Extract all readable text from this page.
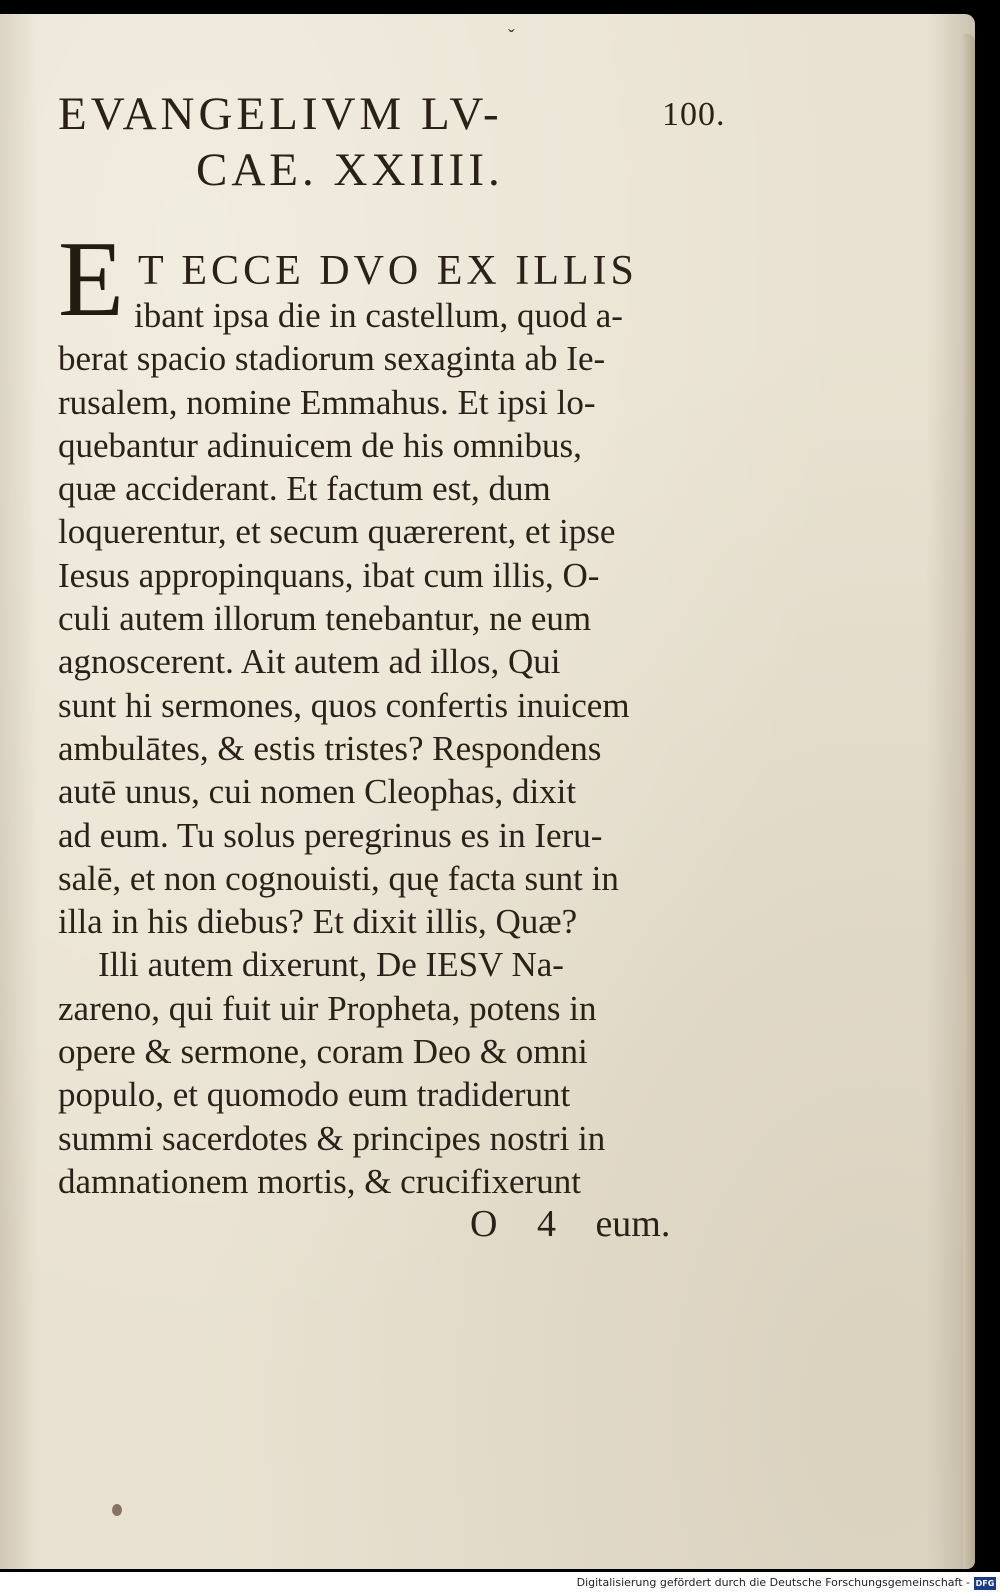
ˇ
EVANGELIVM LV-
CAE. XXIIII.
100.
E T ECCE DVO EX ILLIS
ibant ipsa die in castellum, quod a-
berat spacio stadiorum sexaginta ab Ie-
rusalem, nomine Emmahus. Et ipsi lo-
quebantur adinuicem de his omnibus,
quæ acciderant. Et factum est, dum
loquerentur, et secum quærerent, et ipse
Iesus appropinquans, ibat cum illis, O-
culi autem illorum tenebantur, ne eum
agnoscerent. Ait autem ad illos, Qui
sunt hi sermones, quos confertis inuicem
ambulātes, & estis tristes? Respondens
autē unus, cui nomen Cleophas, dixit
ad eum. Tu solus peregrinus es in Ieru-
salē, et non cognouisti, quę facta sunt in
illa in his diebus? Et dixit illis, Quæ?
Illi autem dixerunt, De IESV Na-
zareno, qui fuit uir Propheta, potens in
opere & sermone, coram Deo & omni
populo, et quomodo eum tradiderunt
summi sacerdotes & principes nostri in
damnationem mortis, & crucifixerunt
O 4 eum.
Digitalisierung gefördert durch die Deutsche Forschungsgemeinschaft - DFG
